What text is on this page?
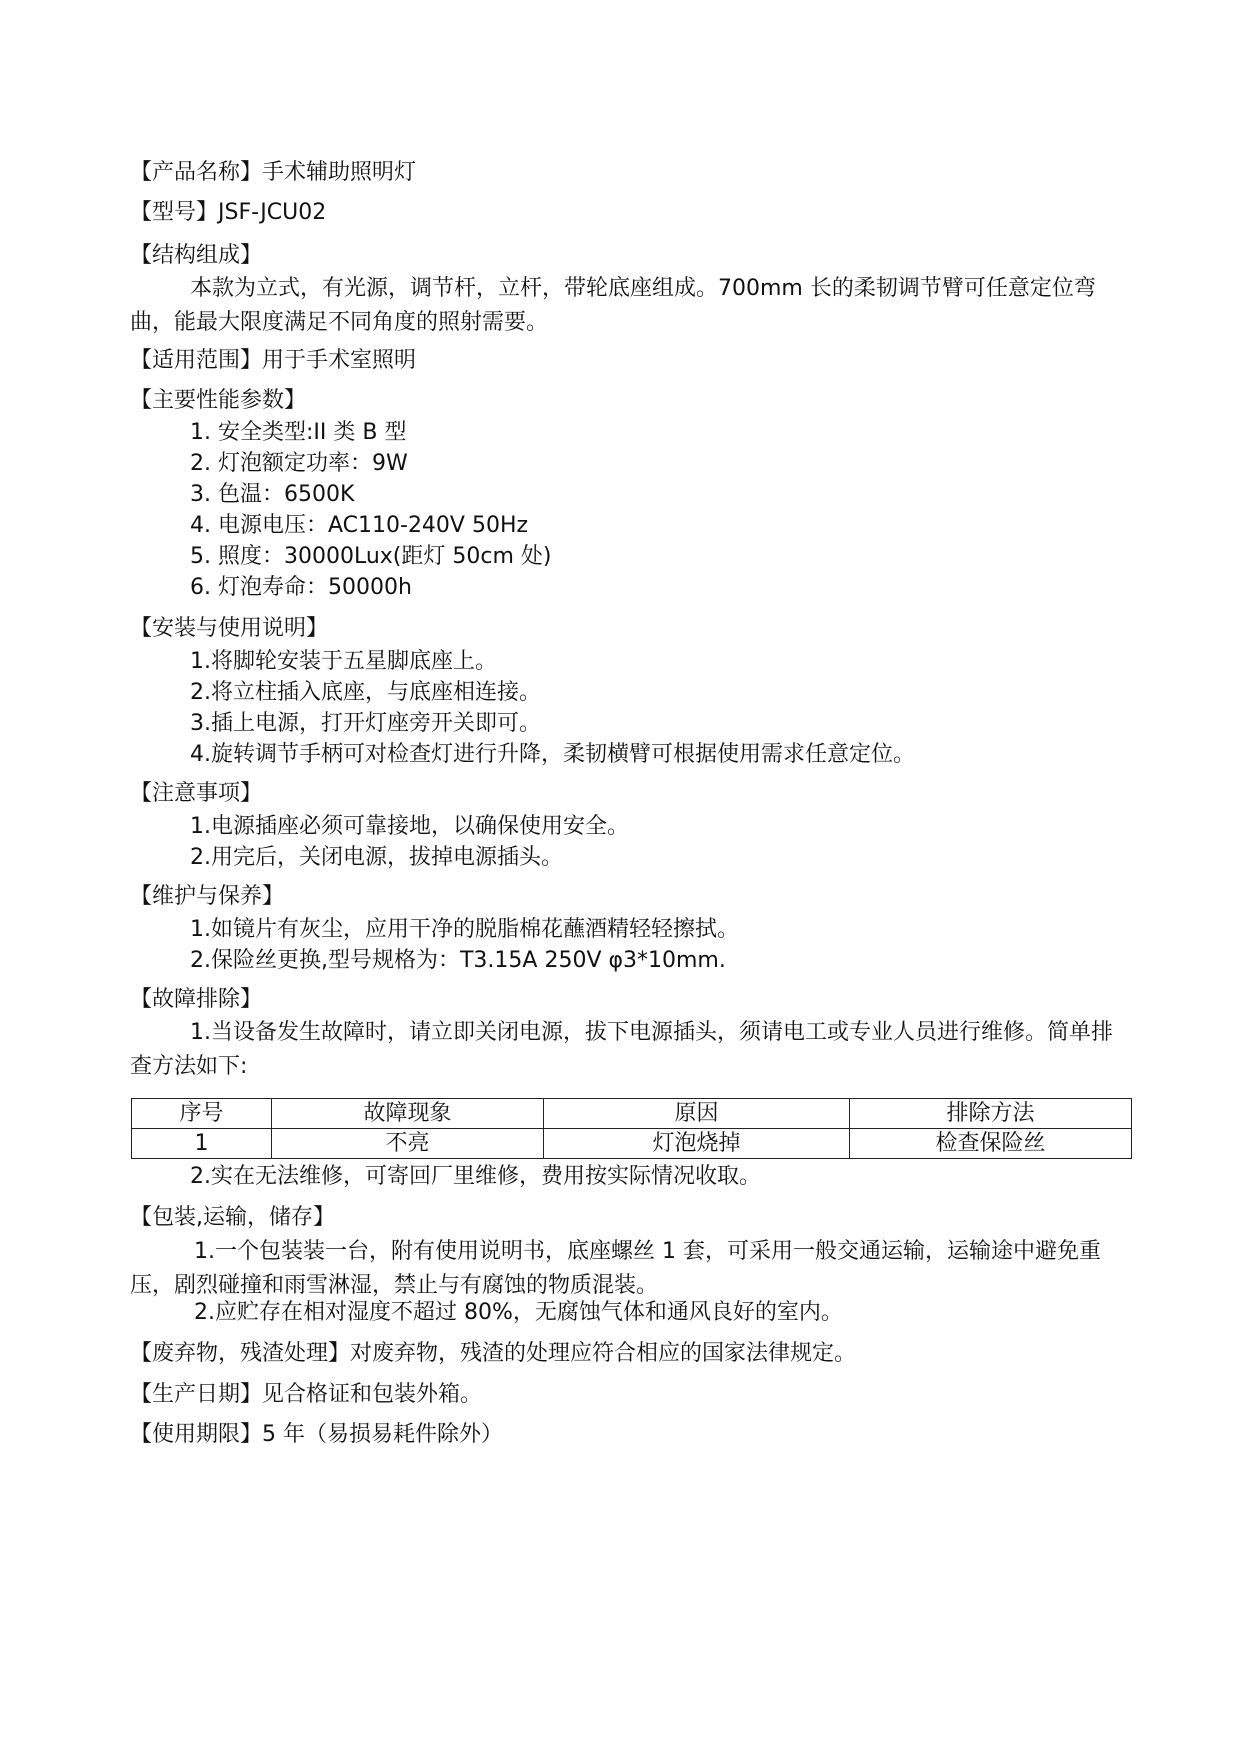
【产品名称】手术辅助照明灯
【型号】JSF-JCU02
【结构组成】
本款为立式，有光源，调节杆，立杆，带轮底座组成。700mm 长的柔韧调节臂可任意定位弯曲，能最大限度满足不同角度的照射需要。
【适用范围】用于手术室照明
【主要性能参数】
1. 安全类型:II 类 B 型
2. 灯泡额定功率：9W
3. 色温：6500K
4. 电源电压：AC110-240V 50Hz
5. 照度：30000Lux(距灯 50cm 处)
6. 灯泡寿命：50000h
【安装与使用说明】
1.将脚轮安装于五星脚底座上。
2.将立柱插入底座，与底座相连接。
3.插上电源，打开灯座旁开关即可。
4.旋转调节手柄可对检查灯进行升降，柔韧横臂可根据使用需求任意定位。
【注意事项】
1.电源插座必须可靠接地，以确保使用安全。
2.用完后，关闭电源，拔掉电源插头。
【维护与保养】
1.如镜片有灰尘，应用干净的脱脂棉花蘸酒精轻轻擦拭。
2.保险丝更换,型号规格为：T3.15A 250V φ3*10mm.
【故障排除】
1.当设备发生故障时，请立即关闭电源，拔下电源插头，须请电工或专业人员进行维修。简单排查方法如下:
序号	故障现象	原因	排除方法
1	不亮	灯泡烧掉	检查保险丝
2.实在无法维修，可寄回厂里维修，费用按实际情况收取。
【包装,运输，储存】
1.一个包装装一台，附有使用说明书，底座螺丝 1 套，可采用一般交通运输，运输途中避免重压，剧烈碰撞和雨雪淋湿，禁止与有腐蚀的物质混装。
2.应贮存在相对湿度不超过 80%，无腐蚀气体和通风良好的室内。
【废弃物，残渣处理】对废弃物，残渣的处理应符合相应的国家法律规定。
【生产日期】见合格证和包装外箱。
【使用期限】5 年（易损易耗件除外）
